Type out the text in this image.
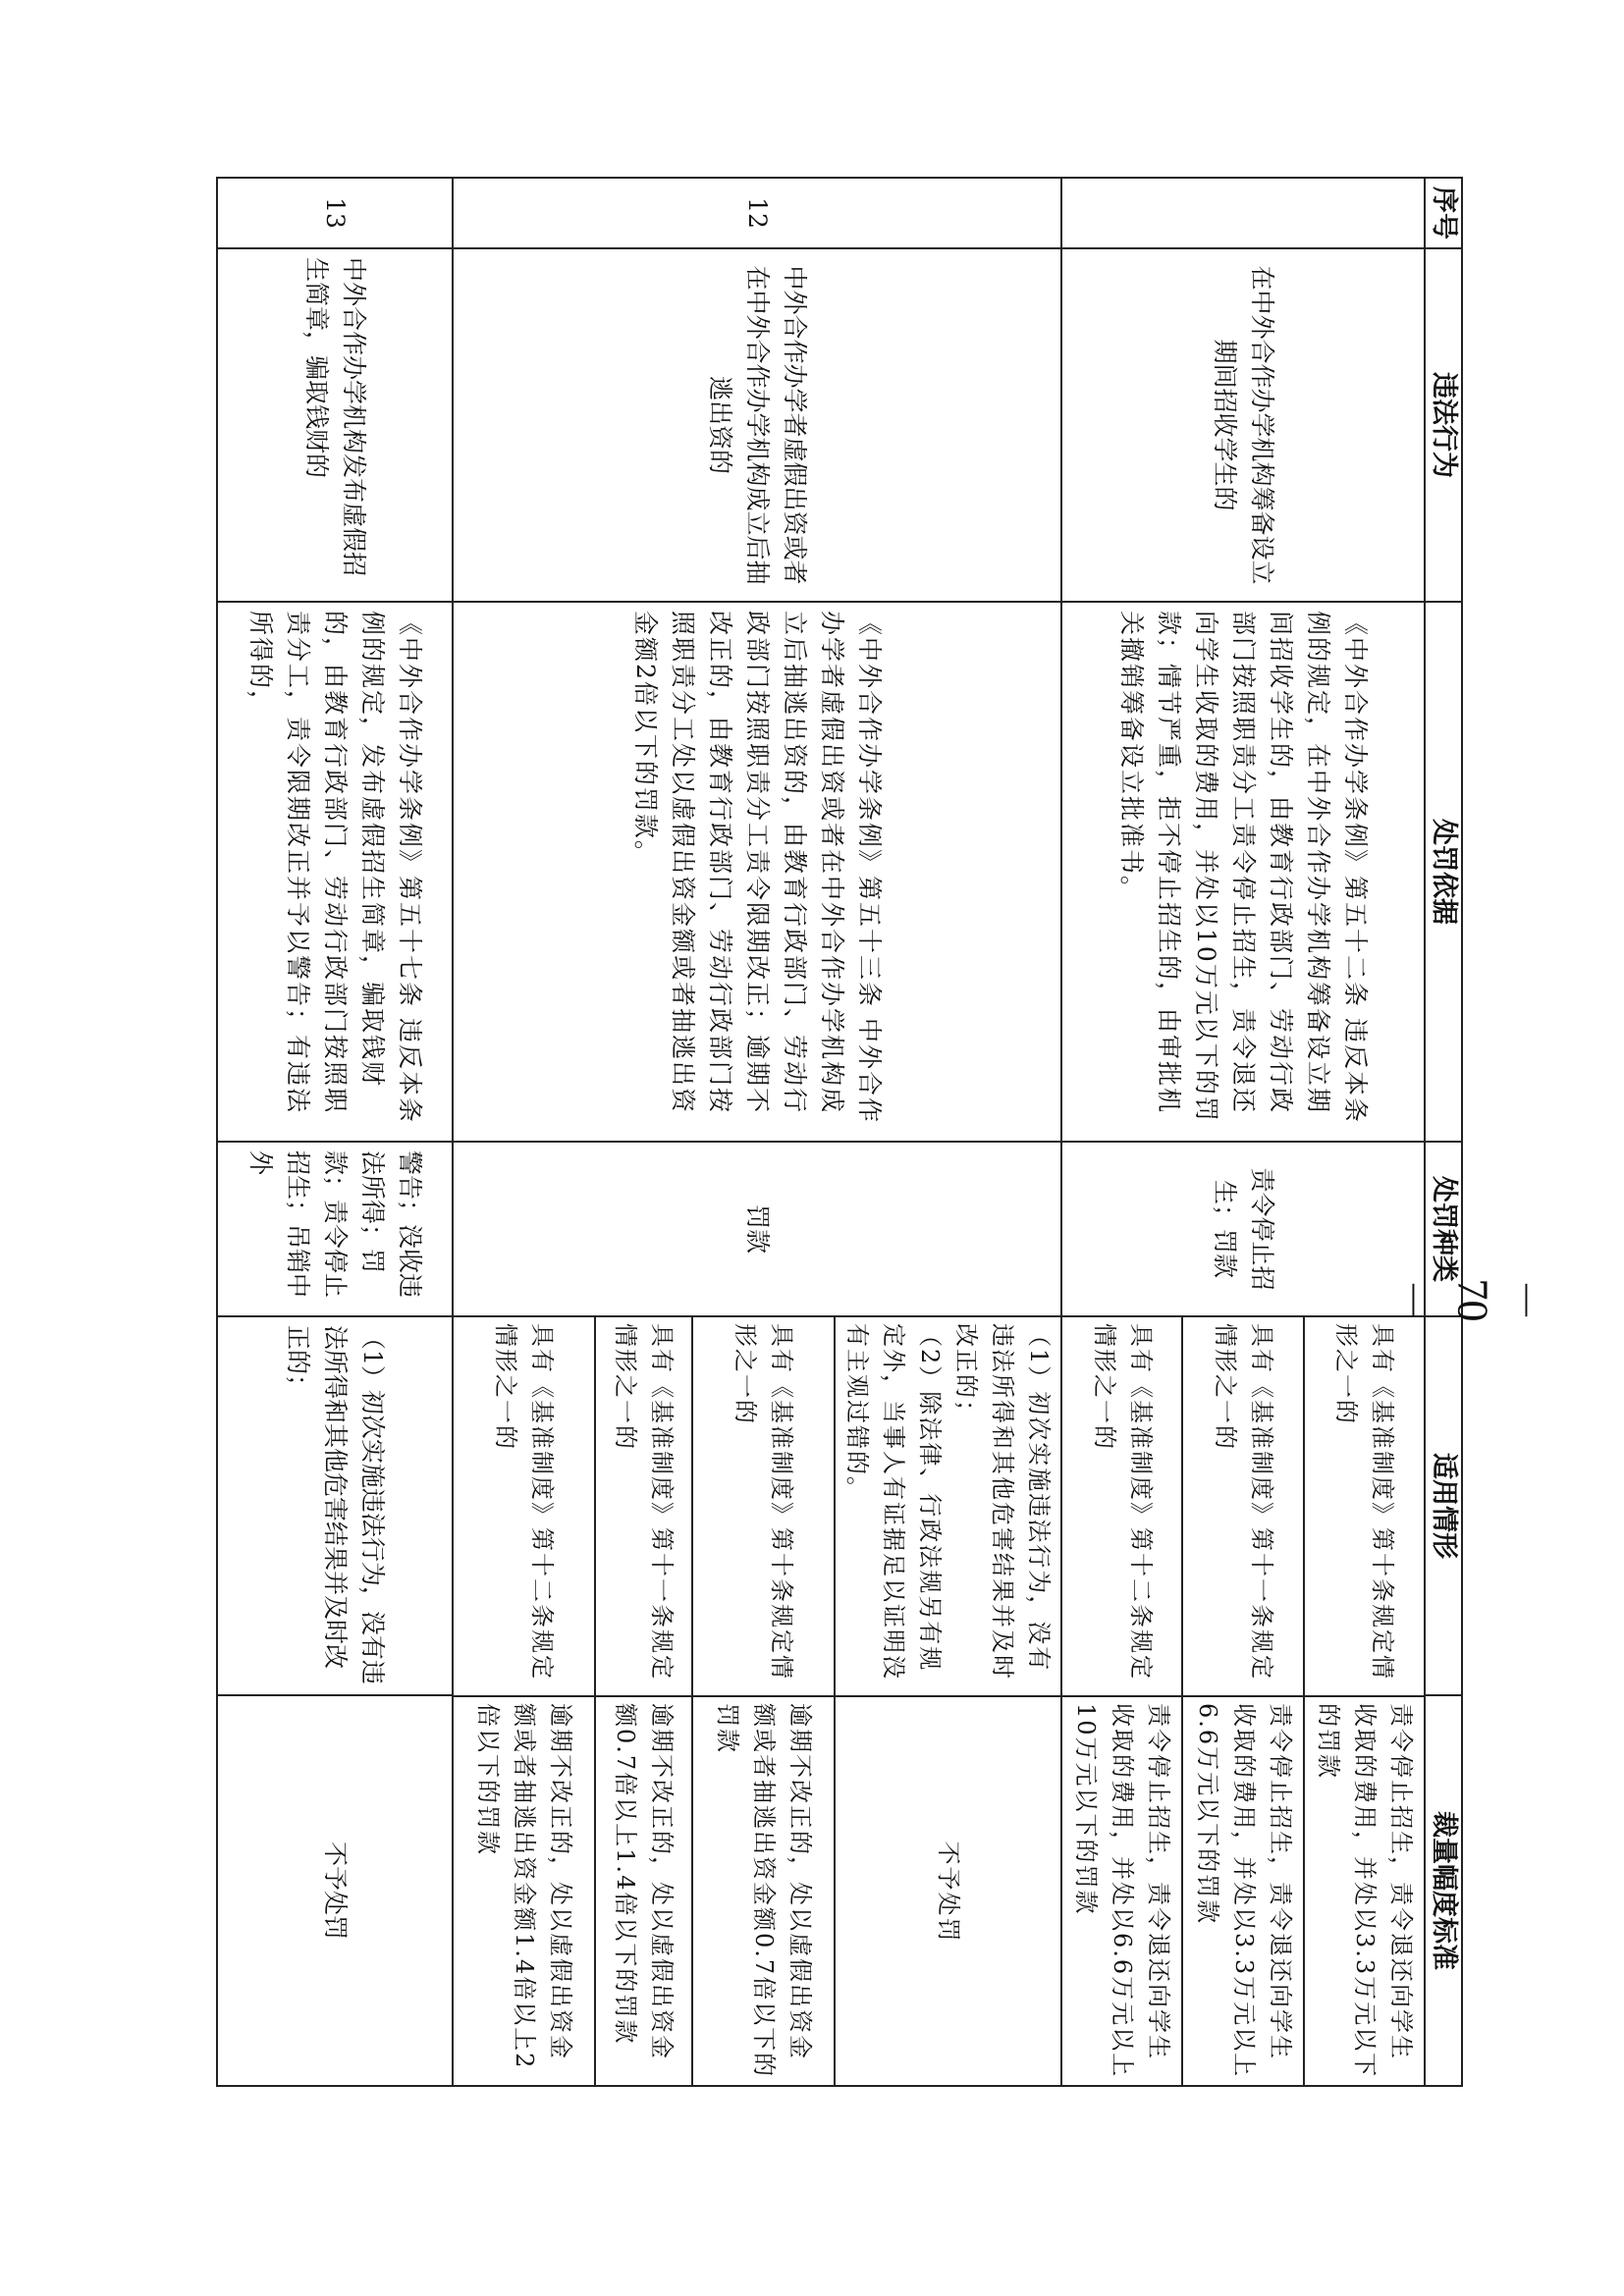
序号	违法行为	处罚依据	处罚种类	适用情形	裁量幅度标准
	在中外合作办学机构筹备设立期间招收学生的	《中外合作办学条例》第五十二条 违反本条例的规定，在中外合作办学机构筹备设立期间招收学生的，由教育行政部门、劳动行政部门按照职责分工责令停止招生，责令退还向学生收取的费用，并处以10万元以下的罚款；情节严重，拒不停止招生的，由审批机关撤销筹备设立批准书。	责令停止招生；罚款	
具有《基准制度》第十条规定情形之一的	责令停止招生，责令退还向学生收取的费用，并处以3.3万元以下的罚款
具有《基准制度》第十一条规定情形之一的	责令停止招生，责令退还向学生收取的费用，并处以3.3万元以上6.6万元以下的罚款
具有《基准制度》第十二条规定情形之一的	责令停止招生，责令退还向学生收取的费用，并处以6.6万元以上10万元以下的罚款

12	中外合作办学者虚假出资或者在中外合作办学机构成立后抽逃出资的	《中外合作办学条例》第五十三条 中外合作办学者虚假出资或者在中外合作办学机构成立后抽逃出资的，由教育行政部门、劳动行政部门按照职责分工责令限期改正；逾期不改正的，由教育行政部门、劳动行政部门按照职责分工处以虚假出资金额或者抽逃出资金额2倍以下的罚款。	罚款	
（1）初次实施违法行为，没有违法所得和其他危害结果并及时改正的；
（2）除法律、行政法规另有规定外，当事人有证据足以证明没有主观过错的。	不予处罚
具有《基准制度》第十条规定情形之一的	逾期不改正的，处以虚假出资金额或者抽逃出资金额0.7倍以下的罚款
具有《基准制度》第十一条规定情形之一的	逾期不改正的，处以虚假出资金额0.7倍以上1.4倍以下的罚款
具有《基准制度》第十二条规定情形之一的	逾期不改正的，处以虚假出资金额或者抽逃出资金额1.4倍以上2倍以下的罚款

13	中外合作办学机构发布虚假招生简章，骗取钱财的	《中外合作办学条例》第五十七条 违反本条例的规定，发布虚假招生简章，骗取钱财的，由教育行政部门、劳动行政部门按照职责分工，责令限期改正并予以警告；有违法所得的，	警告；没收违法所得；罚款；责令停止招生；吊销中外	（1）初次实施违法行为，没有违法所得和其他危害结果并及时改正的；	不予处罚
－ 70 －
